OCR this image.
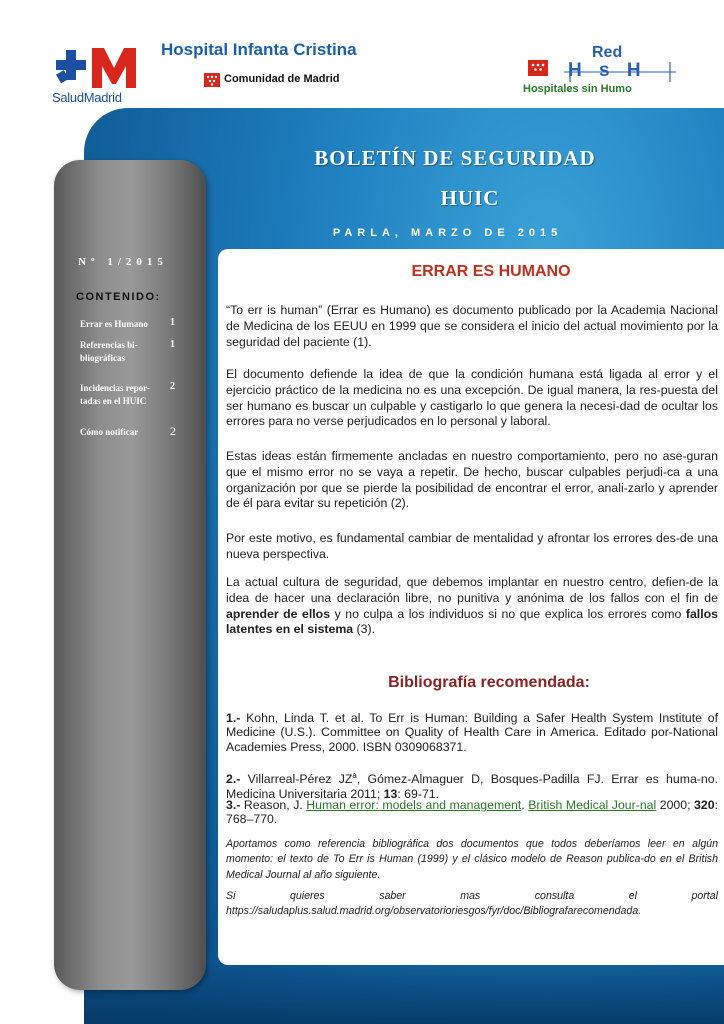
SaludMadrid
Hospital Infanta Cristina
Comunidad de Madrid
Red
H s H
Hospitales sin Humo
BOLETÍN DE SEGURIDAD
HUIC
PARLA, MARZO DE 2015
Nº 1/2015
CONTENIDO:
Errar es Humano	1
Referencias bi-bliográficas
1
Incidencias repor-tadas en el HUIC
2
Cómo notificar	2
ERRAR ES HUMANO

“To err is human” (Errar es Humano) es documento publicado por la Academia Nacional de Medicina de los EEUU en 1999 que se considera el inicio del actual movimiento por la seguridad del paciente (1).

El documento defiende la idea de que la condición humana está ligada al error y el ejercicio práctico de la medicina no es una excepción. De igual manera, la res-puesta del ser humano es buscar un culpable y castigarlo lo que genera la necesi-dad de ocultar los errores para no verse perjudicados en lo personal y laboral.

Estas ideas están firmemente ancladas en nuestro comportamiento, pero no ase-guran que el mismo error no se vaya a repetir. De hecho, buscar culpables perjudi-ca a una organización por que se pierde la posibilidad de encontrar el error, anali-zarlo y aprender de él para evitar su repetición (2).

Por este motivo, es fundamental cambiar de mentalidad y afrontar los errores des-de una nueva perspectiva.

La actual cultura de seguridad, que debemos implantar en nuestro centro, defien-de la idea de hacer una declaración libre, no punitiva y anónima de los fallos con el fin de aprender de ellos y no culpa a los individuos si no que explica los errores como fallos latentes en el sistema (3).

Bibliografía recomendada:

1.- Kohn, Linda T. et al. To Err is Human: Building a Safer Health System Institute of Medicine (U.S.). Committee on Quality of Health Care in America. Editado por-National Academies Press, 2000. ISBN 0309068371.

2.- Villarreal-Pérez $JZ^a$, Gómez-Almaguer D, Bosques-Padilla FJ. Errar es huma-no. Medicina Universitaria 2011; 13: 69-71.

3.- Reason, J. Human error: models and management. British Medical Jour-nal 2000; 320: 768–770.

Aportamos como referencia bibliográfica dos documentos que todos deberíamos leer en algún momento: el texto de To Err is Human (1999) y el clásico modelo de Reason publica-do en el British Medical Journal al año siguiente.

Si quieres saber mas consulta el portal https://saludaplus.salud.madrid.org/observatorioriesgos/fyr/doc/Bibliografarecomendada.
